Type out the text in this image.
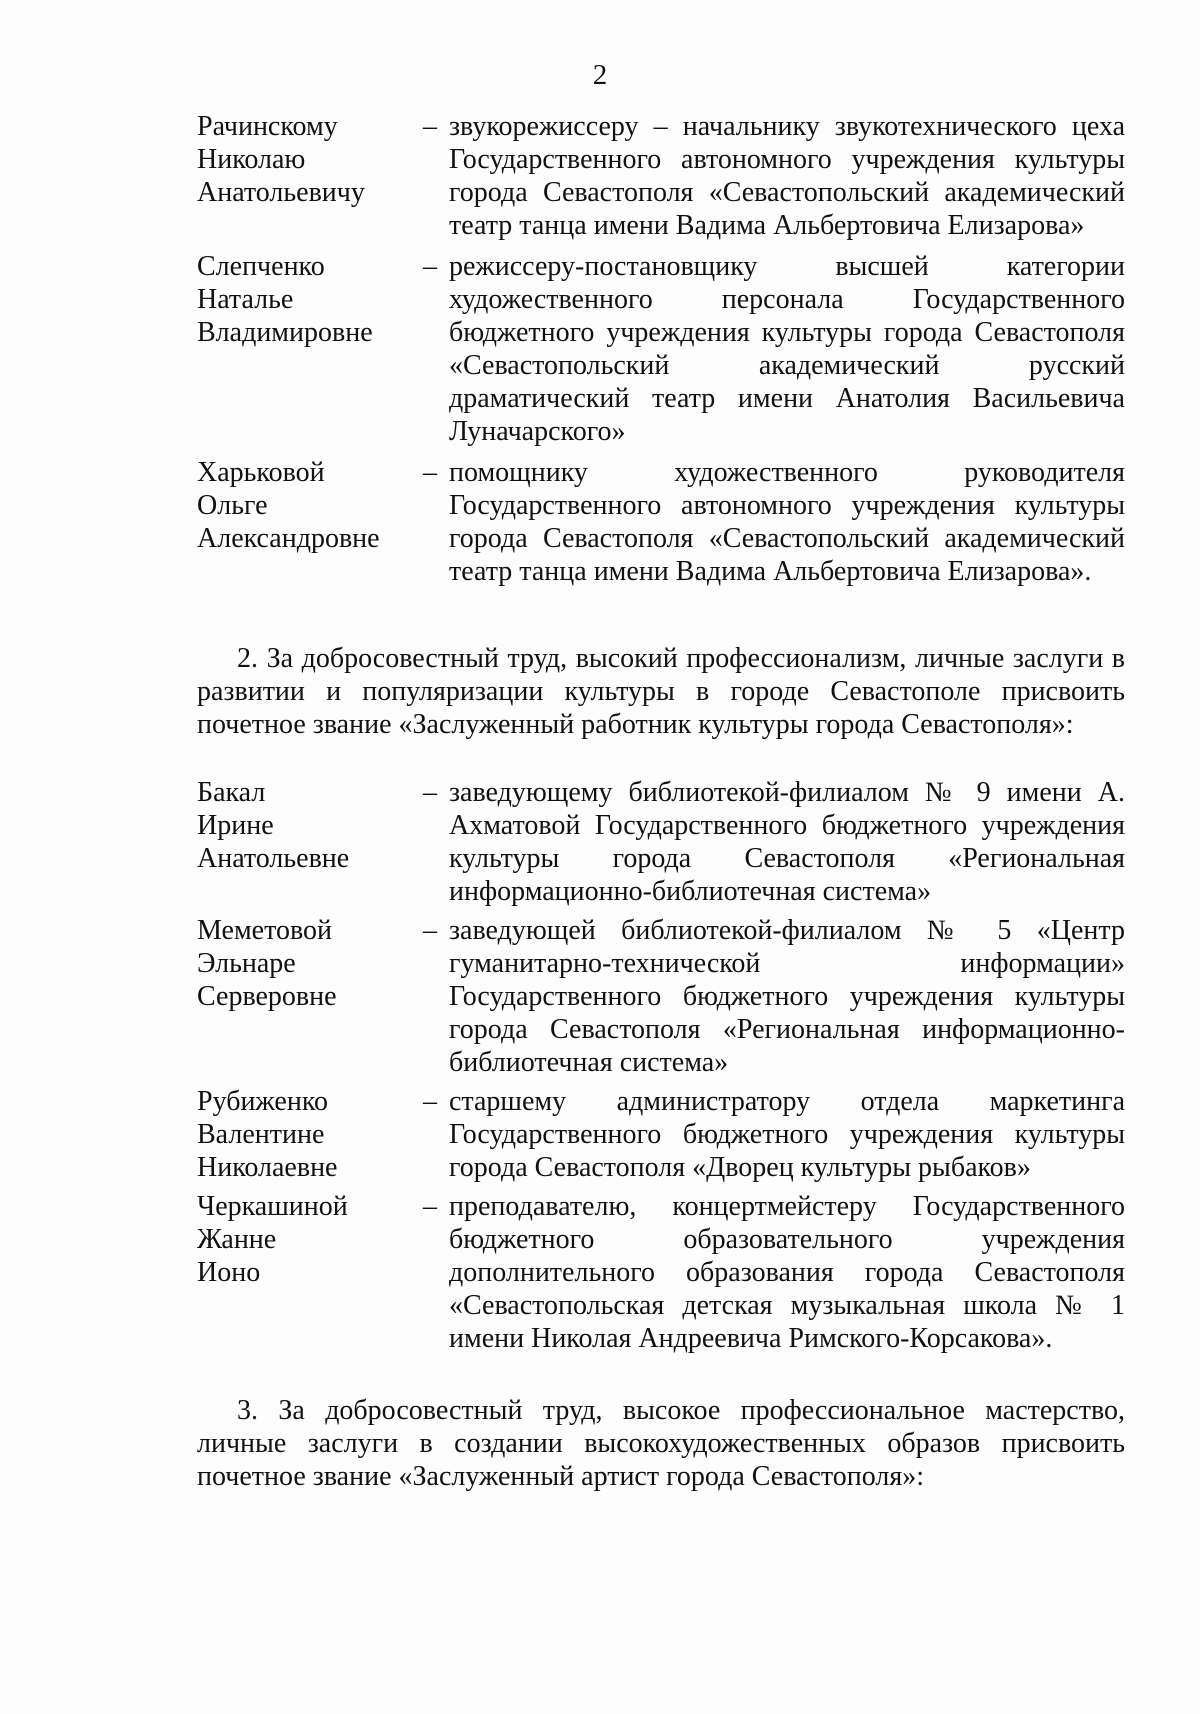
2
Рачинскому
Николаю
Анатольевичу
– звукорежиссеру – начальнику звукотехнического цеха Государственного автономного учреждения культуры города Севастополя «Севастопольский академический театр танца имени Вадима Альбертовича Елизарова»
Слепченко
Наталье
Владимировне
– режиссеру-постановщику высшей категории художественного персонала Государственного бюджетного учреждения культуры города Севастополя «Севастопольский академический русский драматический театр имени Анатолия Васильевича Луначарского»
Харьковой
Ольге
Александровне
– помощнику художественного руководителя Государственного автономного учреждения культуры города Севастополя «Севастопольский академический театр танца имени Вадима Альбертовича Елизарова».
2. За добросовестный труд, высокий профессионализм, личные заслуги в развитии и популяризации культуры в городе Севастополе присвоить почетное звание «Заслуженный работник культуры города Севастополя»:
Бакал
Ирине
Анатольевне
– заведующему библиотекой-филиалом № 9 имени А. Ахматовой Государственного бюджетного учреждения культуры города Севастополя «Региональная информационно-библиотечная система»
Меметовой
Эльнаре
Серверовне
– заведующей библиотекой-филиалом № 5 «Центр гуманитарно-технической информации» Государственного бюджетного учреждения культуры города Севастополя «Региональная информационно-библиотечная система»
Рубиженко
Валентине
Николаевне
– старшему администратору отдела маркетинга Государственного бюджетного учреждения культуры города Севастополя «Дворец культуры рыбаков»
Черкашиной
Жанне
Ионо
– преподавателю, концертмейстеру Государственного бюджетного образовательного учреждения дополнительного образования города Севастополя «Севастопольская детская музыкальная школа № 1 имени Николая Андреевича Римского-Корсакова».
3. За добросовестный труд, высокое профессиональное мастерство, личные заслуги в создании высокохудожественных образов присвоить почетное звание «Заслуженный артист города Севастополя»:
